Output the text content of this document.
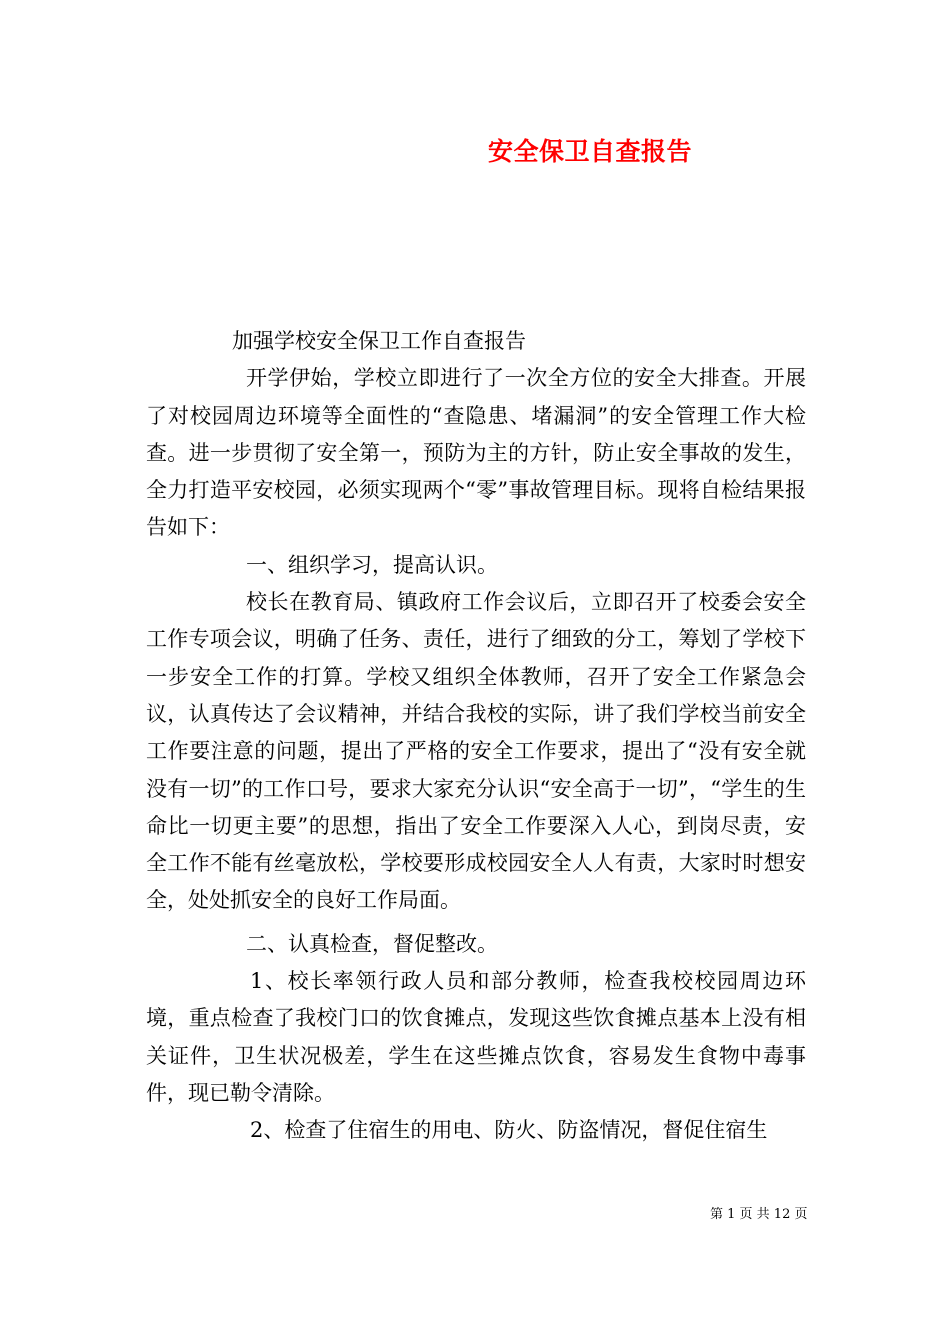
安全保卫自查报告

加强学校安全保卫工作自查报告

开学伊始，学校立即进行了一次全方位的安全大排查。开展了对校园周边环境等全面性的“查隐患、堵漏洞”的安全管理工作大检查。进一步贯彻了安全第一，预防为主的方针，防止安全事故的发生，全力打造平安校园，必须实现两个“零”事故管理目标。现将自检结果报告如下：

一、组织学习，提高认识。

校长在教育局、镇政府工作会议后，立即召开了校委会安全工作专项会议，明确了任务、责任，进行了细致的分工，筹划了学校下一步安全工作的打算。学校又组织全体教师，召开了安全工作紧急会议，认真传达了会议精神，并结合我校的实际，讲了我们学校当前安全工作要注意的问题，提出了严格的安全工作要求，提出了“没有安全就没有一切”的工作口号，要求大家充分认识“安全高于一切”，“学生的生命比一切更主要”的思想，指出了安全工作要深入人心，到岗尽责，安全工作不能有丝毫放松，学校要形成校园安全人人有责，大家时时想安全，处处抓安全的良好工作局面。

二、认真检查，督促整改。

1、校长率领行政人员和部分教师，检查我校校园周边环境，重点检查了我校门口的饮食摊点，发现这些饮食摊点基本上没有相关证件，卫生状况极差，学生在这些摊点饮食，容易发生食物中毒事件，现已勒令清除。

2、检查了住宿生的用电、防火、防盗情况，督促住宿生

第 1 页 共 12 页
